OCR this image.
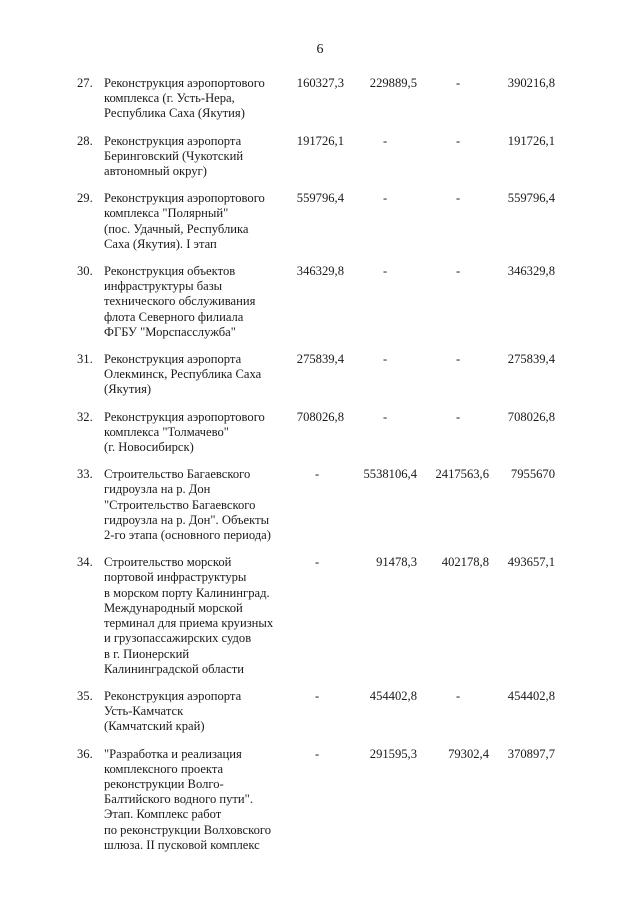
6
27. Реконструкция аэропортового
комплекса (г. Усть-Нера,
Республика Саха (Якутия)
160327,3 229889,5	-	390216,8
28. Реконструкция аэропорта
Беринговский (Чукотский
автономный округ)
191726,1	-	-	191726,1
29. Реконструкция аэропортового
комплекса "Полярный"
(пос. Удачный, Республика
Саха (Якутия). I этап
559796,4	-	-	559796,4
30. Реконструкция объектов
инфраструктуры базы
технического обслуживания
флота Северного филиала
ФГБУ "Морспасслужба"
346329,8	-	-	346329,8
31. Реконструкция аэропорта
Олекминск, Республика Саха
(Якутия)
275839,4	-	-	275839,4
32. Реконструкция аэропортового
комплекса "Толмачево"
(г. Новосибирск)
708026,8	-	-	708026,8
33. Строительство Багаевского
гидроузла на р. Дон
"Строительство Багаевского
гидроузла на р. Дон". Объекты
2-го этапа (основного периода)
-	5538106,4 2417563,6 7955670
34. Строительство морской
портовой инфраструктуры
в морском порту Калининград.
Международный морской
терминал для приема круизных
и грузопассажирских судов
в г. Пионерский
Калининградской области
-	91478,3 402178,8 493657,1
35. Реконструкция аэропорта
Усть-Камчатск
(Камчатский край)
-	454402,8	-	454402,8
36. "Разработка и реализация
комплексного проекта
реконструкции Волго-
Балтийского водного пути".
Этап. Комплекс работ
по реконструкции Волховского
шлюза. II пусковой комплекс
-	291595,3 79302,4 370897,7
